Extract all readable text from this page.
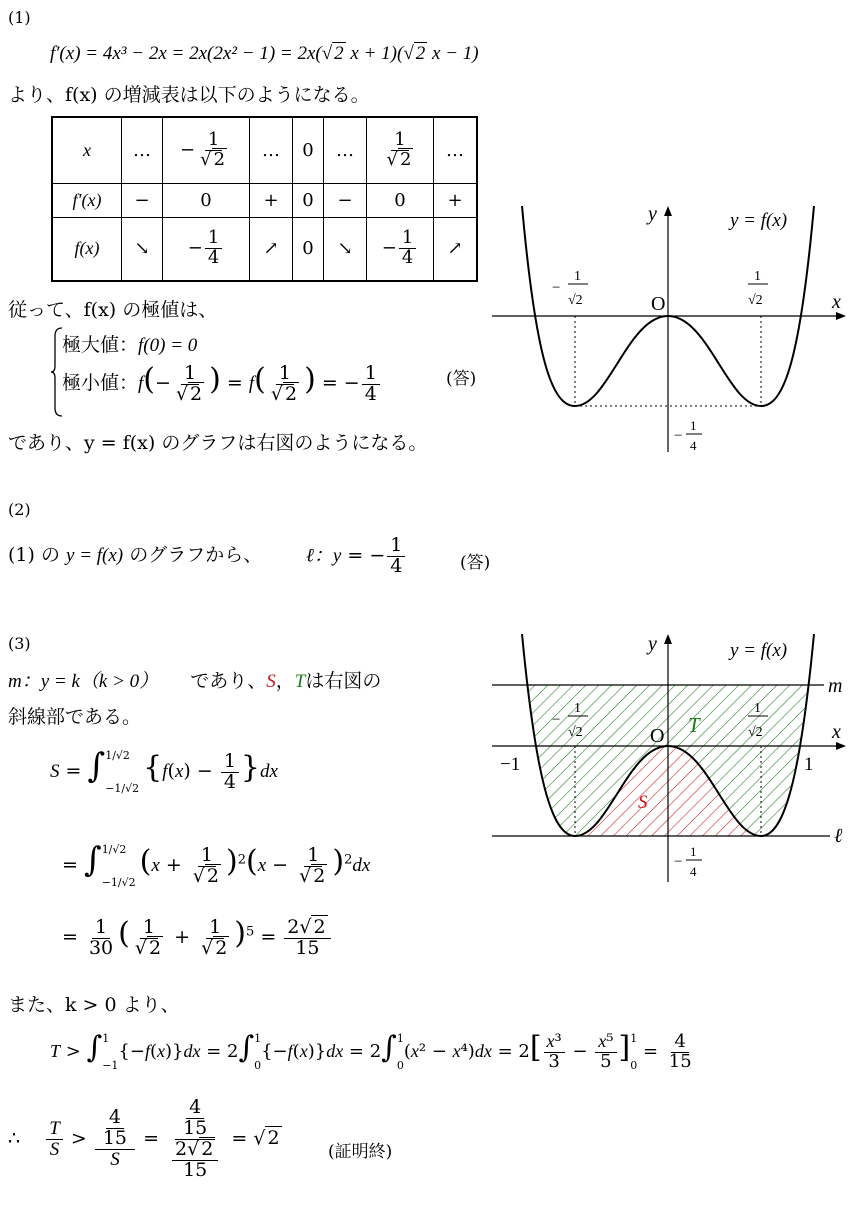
(1)
f′(x) = 4x³ − 2x = 2x(2x² − 1) = 2x(√ 2 x + 1)(√ 2 x − 1)
より、f(x) の増減表は以下のようになる。
x	…	− $\frac{1}{√ 2}$	…	0	…	$\frac{1}{√ 2}$	…
f′(x)	−	0	+	0	−	0	+
f(x)	↘	− $\frac{1}{4}$	↗	0	↘	− $\frac{1}{4}$	↗
従って、f(x) の極値は、
極大値：f(0) = 0
極小値：$f(- \frac{1}{√ 2}$ ) = $f( \frac{1}{√ 2}$ ) = − $\frac{1}{4}$	(答)
であり、y = f(x) のグラフは右図のようになる。
y
x
y = f(x)
O
−
1
√2
1
√2
−
1
4
(2)
(1) の y = f(x) のグラフから、 ℓ：y = − $\frac{1}{4}$	(答)
(3)
m：y = k（k > 0） であり、S，Tは右図の
斜線部である。
S = ∫ 1/√2
−1/√2
$\{f(x) - \frac{1}{4} \}dx$
= ∫ 1/√2
−1/√2
$(x + \frac{1}{√ 2} )^2(x - \frac{1}{√ 2} )^2dx$
= $\frac{1}{30}$ ( $\frac{1}{√ 2} + \frac{1}{√ 2} )^5 = \frac{2√ 2}{15}$
また、k > 0 より、
T > ∫ 1
−1
{−f(x)}dx = 2∫ 1
0
{−f(x)}dx = 2∫ 1
0
$(x^2 - x^4)dx = 2[ \frac{\text{x³}}{3} - \frac{\text{x⁵}}{5}$ ] 1
0
= $\frac{4}{15}$
∴ $\frac{T}{S} > \frac{\frac{4}{15}}{S} = \frac{\frac{4}{15}}{\frac{2√ 2}{15}}$ = √ 2
(証明終)
y
x
y = f(x)
m
ℓ
O
−1	1
T
S
−
1
√2
1
√2
−
1
4
